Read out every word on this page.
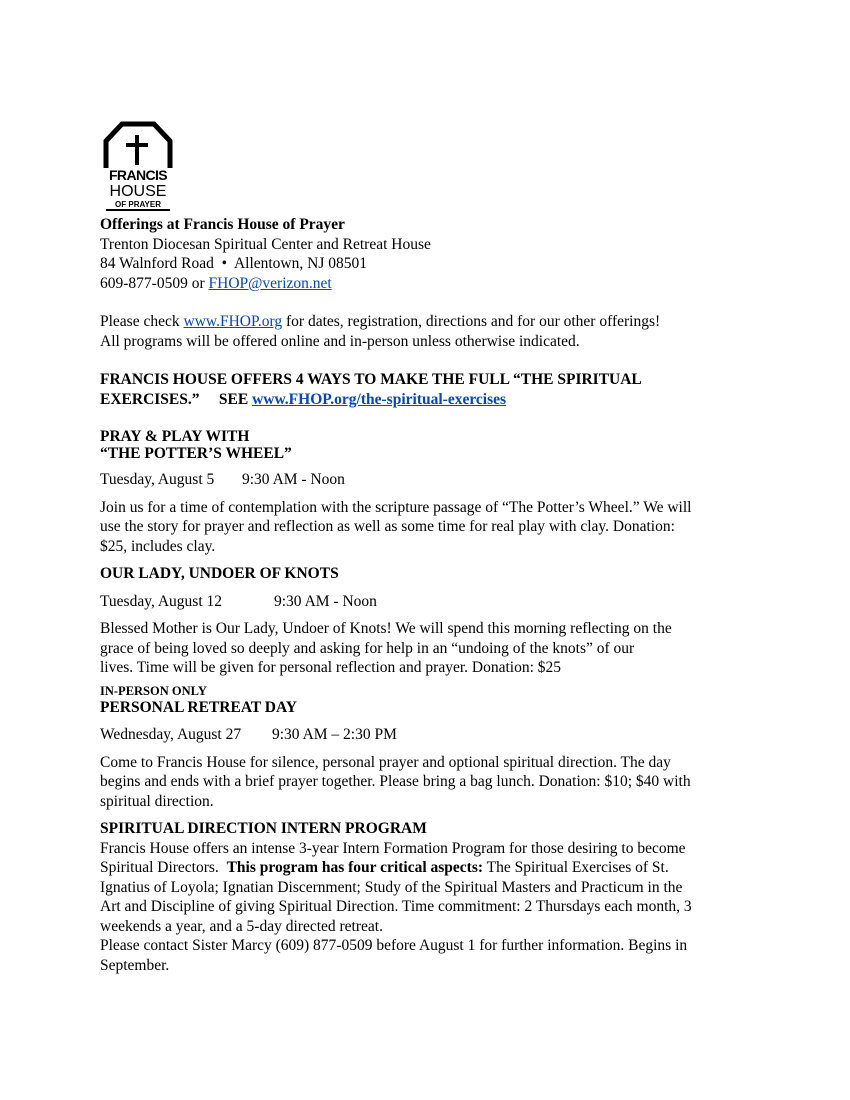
FRANCIS
HOUSE
OF PRAYER

Offerings at Francis House of Prayer

Trenton Diocesan Spiritual Center and Retreat House

84 Walnford Road • Allentown, NJ 08501

609-877-0509 or FHOP@verizon.net

Please check www.FHOP.org for dates, registration, directions and for our other offerings!

All programs will be offered online and in-person unless otherwise indicated.

FRANCIS HOUSE OFFERS 4 WAYS TO MAKE THE FULL “THE SPIRITUAL

EXERCISES.” SEE www.FHOP.org/the-spiritual-exercises

PRAY & PLAY WITH

“THE POTTER’S WHEEL”

Tuesday, August 5 9:30 AM - Noon

Join us for a time of contemplation with the scripture passage of “The Potter’s Wheel.” We will

use the story for prayer and reflection as well as some time for real play with clay. Donation:

$25, includes clay.

OUR LADY, UNDOER OF KNOTS

Tuesday, August 12	9:30 AM - Noon

Blessed Mother is Our Lady, Undoer of Knots! We will spend this morning reflecting on the

grace of being loved so deeply and asking for help in an “undoing of the knots” of our

lives. Time will be given for personal reflection and prayer. Donation: $25

IN-PERSON ONLY

PERSONAL RETREAT DAY

Wednesday, August 27 9:30 AM – 2:30 PM

Come to Francis House for silence, personal prayer and optional spiritual direction. The day

begins and ends with a brief prayer together. Please bring a bag lunch. Donation: $10; $40 with

spiritual direction.

SPIRITUAL DIRECTION INTERN PROGRAM

Francis House offers an intense 3-year Intern Formation Program for those desiring to become

Spiritual Directors. This program has four critical aspects: The Spiritual Exercises of St.

Ignatius of Loyola; Ignatian Discernment; Study of the Spiritual Masters and Practicum in the

Art and Discipline of giving Spiritual Direction. Time commitment: 2 Thursdays each month, 3

weekends a year, and a 5-day directed retreat.

Please contact Sister Marcy (609) 877-0509 before August 1 for further information. Begins in

September.
